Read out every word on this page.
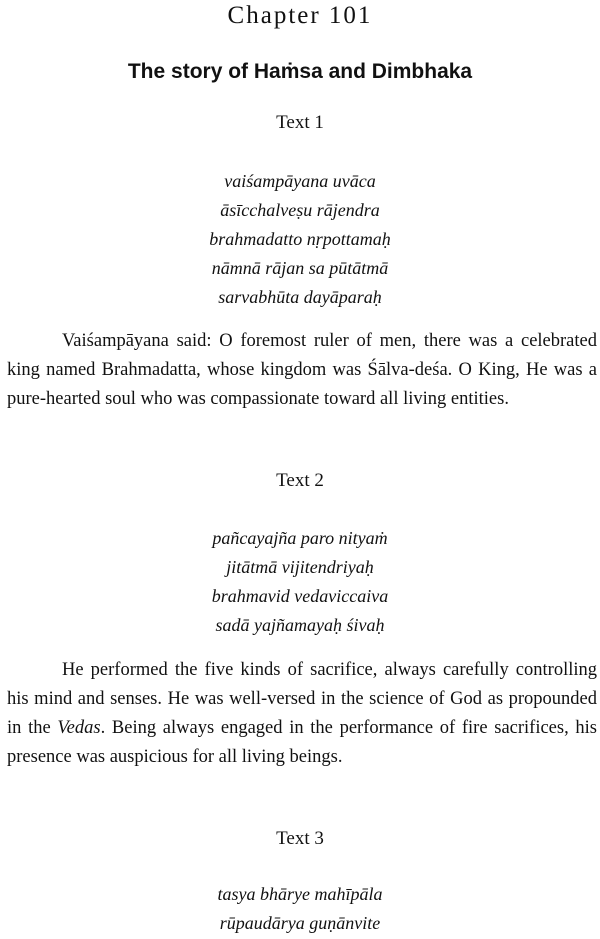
Chapter 101
The story of Haṁsa and Dimbhaka
Text 1
vaiśampāyana uvāca
āsīcchalveṣu rājendra
brahmadatto nṛpottamaḥ
nāmnā rājan sa pūtātmā
sarvabhūta dayāparaḥ

Vaiśampāyana said: O foremost ruler of men, there was a celebrated king named Brahmadatta, whose kingdom was Śālva-deśa. O King, He was a pure-hearted soul who was compassionate toward all living entities.

Text 2
pañcayajña paro nityaṁ
jitātmā vijitendriyaḥ
brahmavid vedaviccaiva
sadā yajñamayaḥ śivaḥ

He performed the five kinds of sacrifice, always carefully controlling his mind and senses. He was well-versed in the science of God as propounded in the Vedas. Being always engaged in the performance of fire sacrifices, his presence was auspicious for all living beings.

Text 3
tasya bhārye mahīpāla
rūpaudārya guṇānvite
